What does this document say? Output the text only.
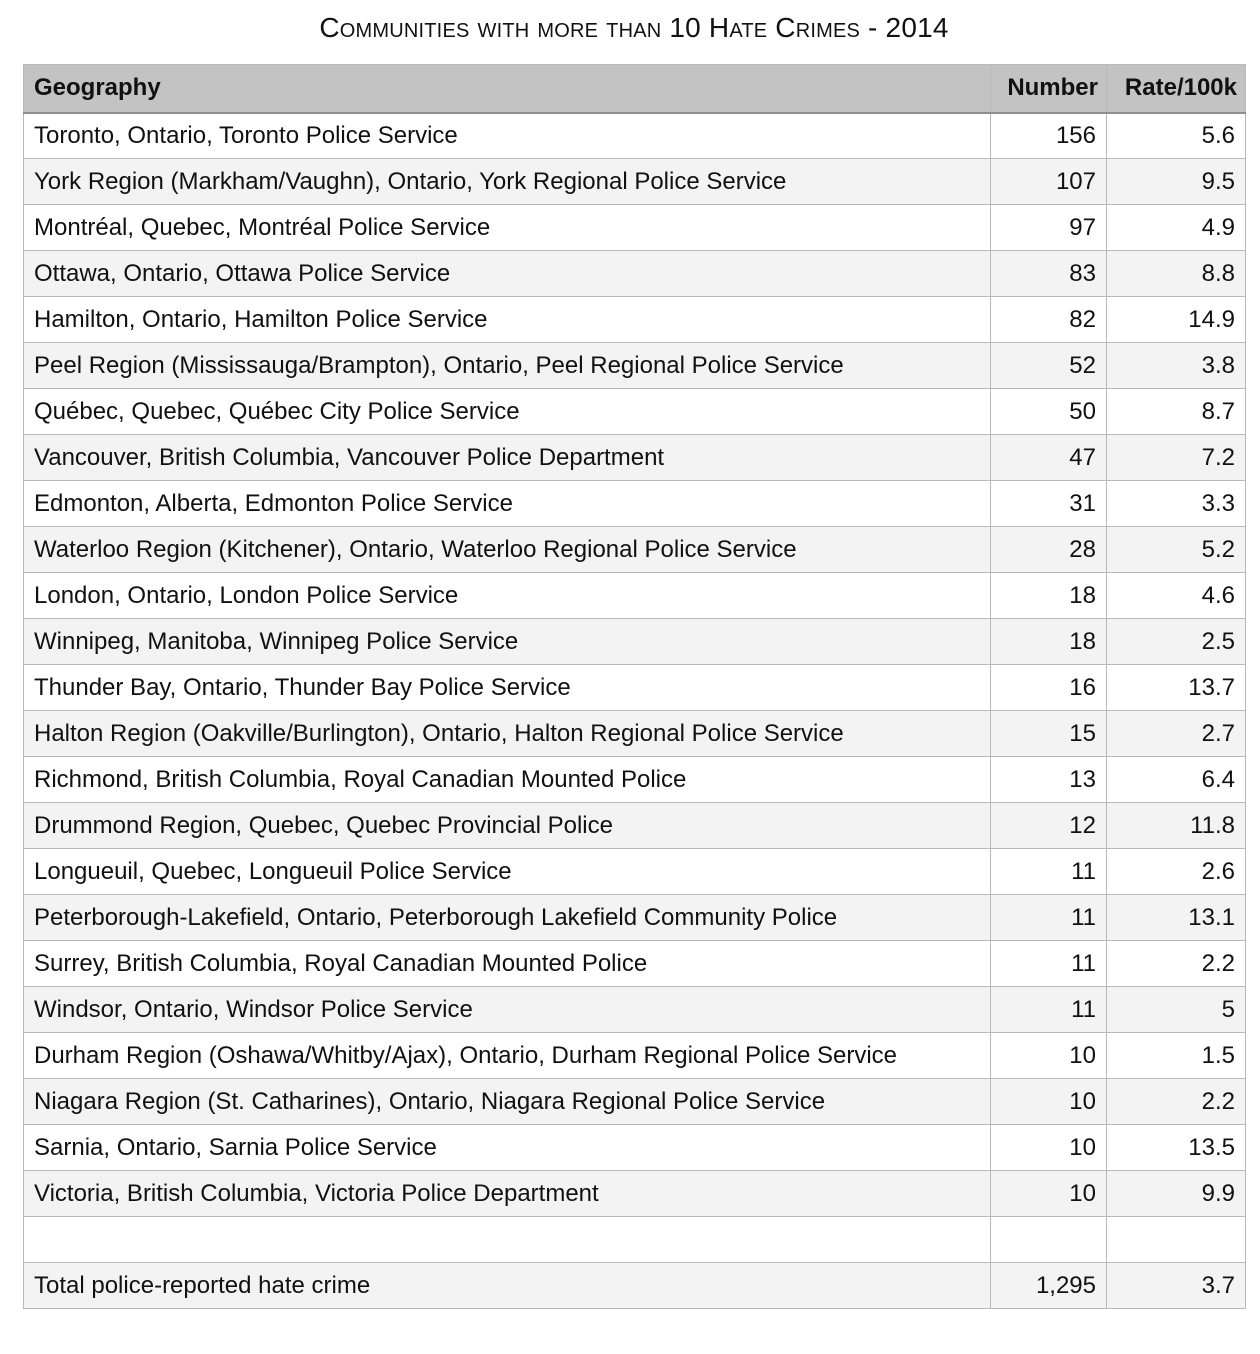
Communities with more than 10 Hate Crimes - 2014
Geography	Number	Rate/100k
Toronto, Ontario, Toronto Police Service	156	5.6
York Region (Markham/Vaughn), Ontario, York Regional Police Service	107	9.5
Montréal, Quebec, Montréal Police Service	97	4.9
Ottawa, Ontario, Ottawa Police Service	83	8.8
Hamilton, Ontario, Hamilton Police Service	82	14.9
Peel Region (Mississauga/Brampton), Ontario, Peel Regional Police Service	52	3.8
Québec, Quebec, Québec City Police Service	50	8.7
Vancouver, British Columbia, Vancouver Police Department	47	7.2
Edmonton, Alberta, Edmonton Police Service	31	3.3
Waterloo Region (Kitchener), Ontario, Waterloo Regional Police Service	28	5.2
London, Ontario, London Police Service	18	4.6
Winnipeg, Manitoba, Winnipeg Police Service	18	2.5
Thunder Bay, Ontario, Thunder Bay Police Service	16	13.7
Halton Region (Oakville/Burlington), Ontario, Halton Regional Police Service	15	2.7
Richmond, British Columbia, Royal Canadian Mounted Police	13	6.4
Drummond Region, Quebec, Quebec Provincial Police	12	11.8
Longueuil, Quebec, Longueuil Police Service	11	2.6
Peterborough-Lakefield, Ontario, Peterborough Lakefield Community Police	11	13.1
Surrey, British Columbia, Royal Canadian Mounted Police	11	2.2
Windsor, Ontario, Windsor Police Service	11	5
Durham Region (Oshawa/Whitby/Ajax), Ontario, Durham Regional Police Service	10	1.5
Niagara Region (St. Catharines), Ontario, Niagara Regional Police Service	10	2.2
Sarnia, Ontario, Sarnia Police Service	10	13.5
Victoria, British Columbia, Victoria Police Department	10	9.9

Total police-reported hate crime	1,295	3.7
